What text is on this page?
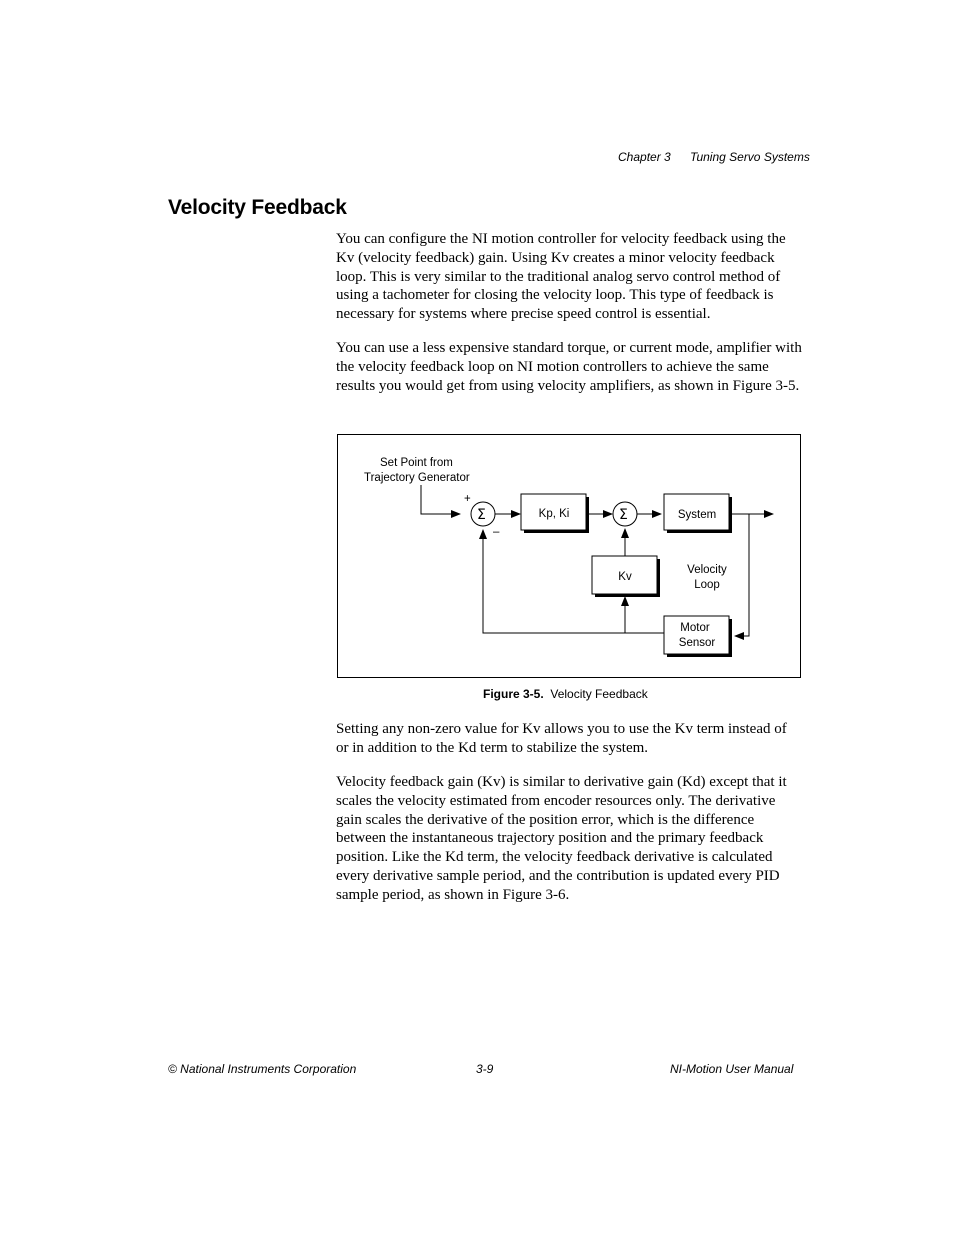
Chapter 3 Tuning Servo Systems
Velocity Feedback

You can configure the NI motion controller for velocity feedback using the Kv (velocity feedback) gain. Using Kv creates a minor velocity feedback loop. This is very similar to the traditional analog servo control method of using a tachometer for closing the velocity loop. This type of feedback is necessary for systems where precise speed control is essential.

You can use a less expensive standard torque, or current mode, amplifier with the velocity feedback loop on NI motion controllers to achieve the same results you would get from using velocity amplifiers, as shown in Figure 3-5.

Set Point from
Trajectory Generator
Σ
+
–
Kp, Ki	Σ	System
Kv
Motor
Sensor
Velocity
Loop
Figure 3-5. Velocity Feedback

Setting any non-zero value for Kv allows you to use the Kv term instead of or in addition to the Kd term to stabilize the system.

Velocity feedback gain (Kv) is similar to derivative gain (Kd) except that it scales the velocity estimated from encoder resources only. The derivative gain scales the derivative of the position error, which is the difference between the instantaneous trajectory position and the primary feedback position. Like the Kd term, the velocity feedback derivative is calculated every derivative sample period, and the contribution is updated every PID sample period, as shown in Figure 3-6.

© National Instruments Corporation	3-9	NI-Motion User Manual
